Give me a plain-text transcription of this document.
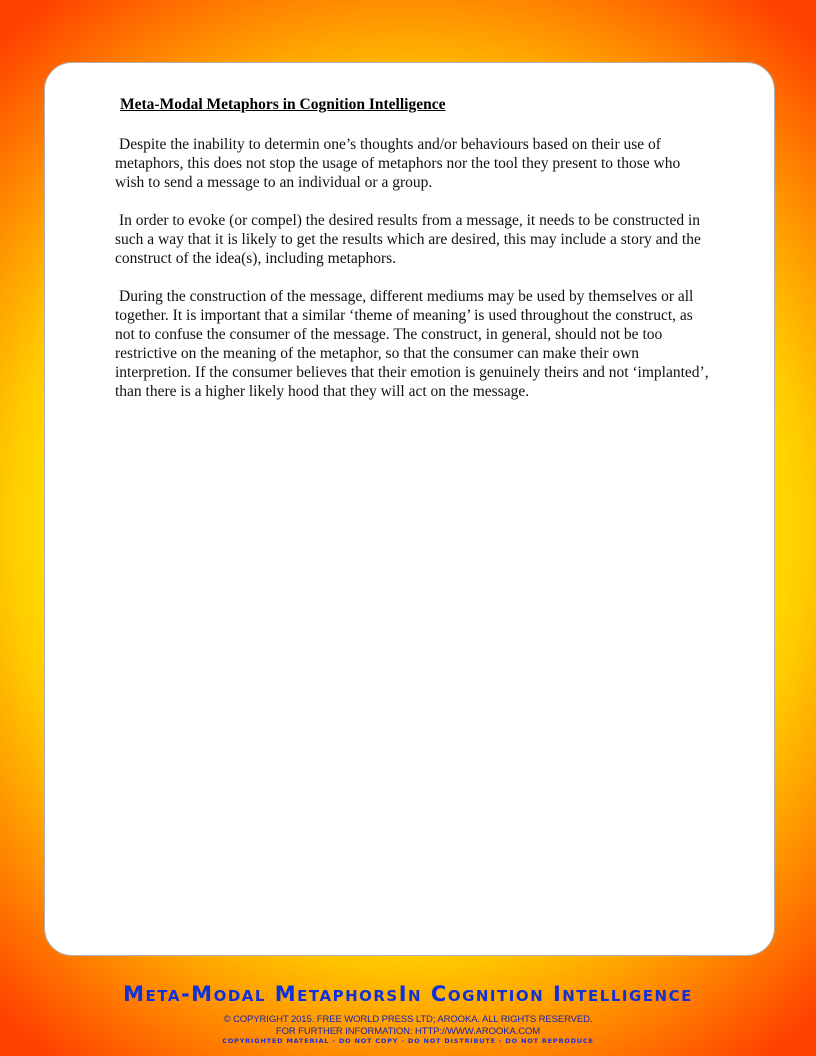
Meta-Modal Metaphors in Cognition Intelligence

Despite the inability to determin one’s thoughts and/or behaviours based on their use of metaphors, this does not stop the usage of metaphors nor the tool they present to those who wish to send a message to an individual or a group.

In order to evoke (or compel) the desired results from a message, it needs to be constructed in such a way that it is likely to get the results which are desired, this may include a story and the construct of the idea(s), including metaphors.

During the construction of the message, different mediums may be used by themselves or all together. It is important that a similar ‘theme of meaning’ is used throughout the construct, as not to confuse the consumer of the message. The construct, in general, should not be too restrictive on the meaning of the metaphor, so that the consumer can make their own interpretion. If the consumer believes that their emotion is genuinely theirs and not ‘implanted’, than there is a higher likely hood that they will act on the message.

Meta-Modal MetaphorsIn Cognition Intelligence
© COPYRIGHT 2015. FREE WORLD PRESS LTD; AROOKA. ALL RIGHTS RESERVED.
FOR FURTHER INFORMATION: HTTP://WWW.AROOKA.COM
COPYRIGHTED MATERIAL - DO NOT COPY - DO NOT DISTRIBUTE - DO NOT REPRODUCE
